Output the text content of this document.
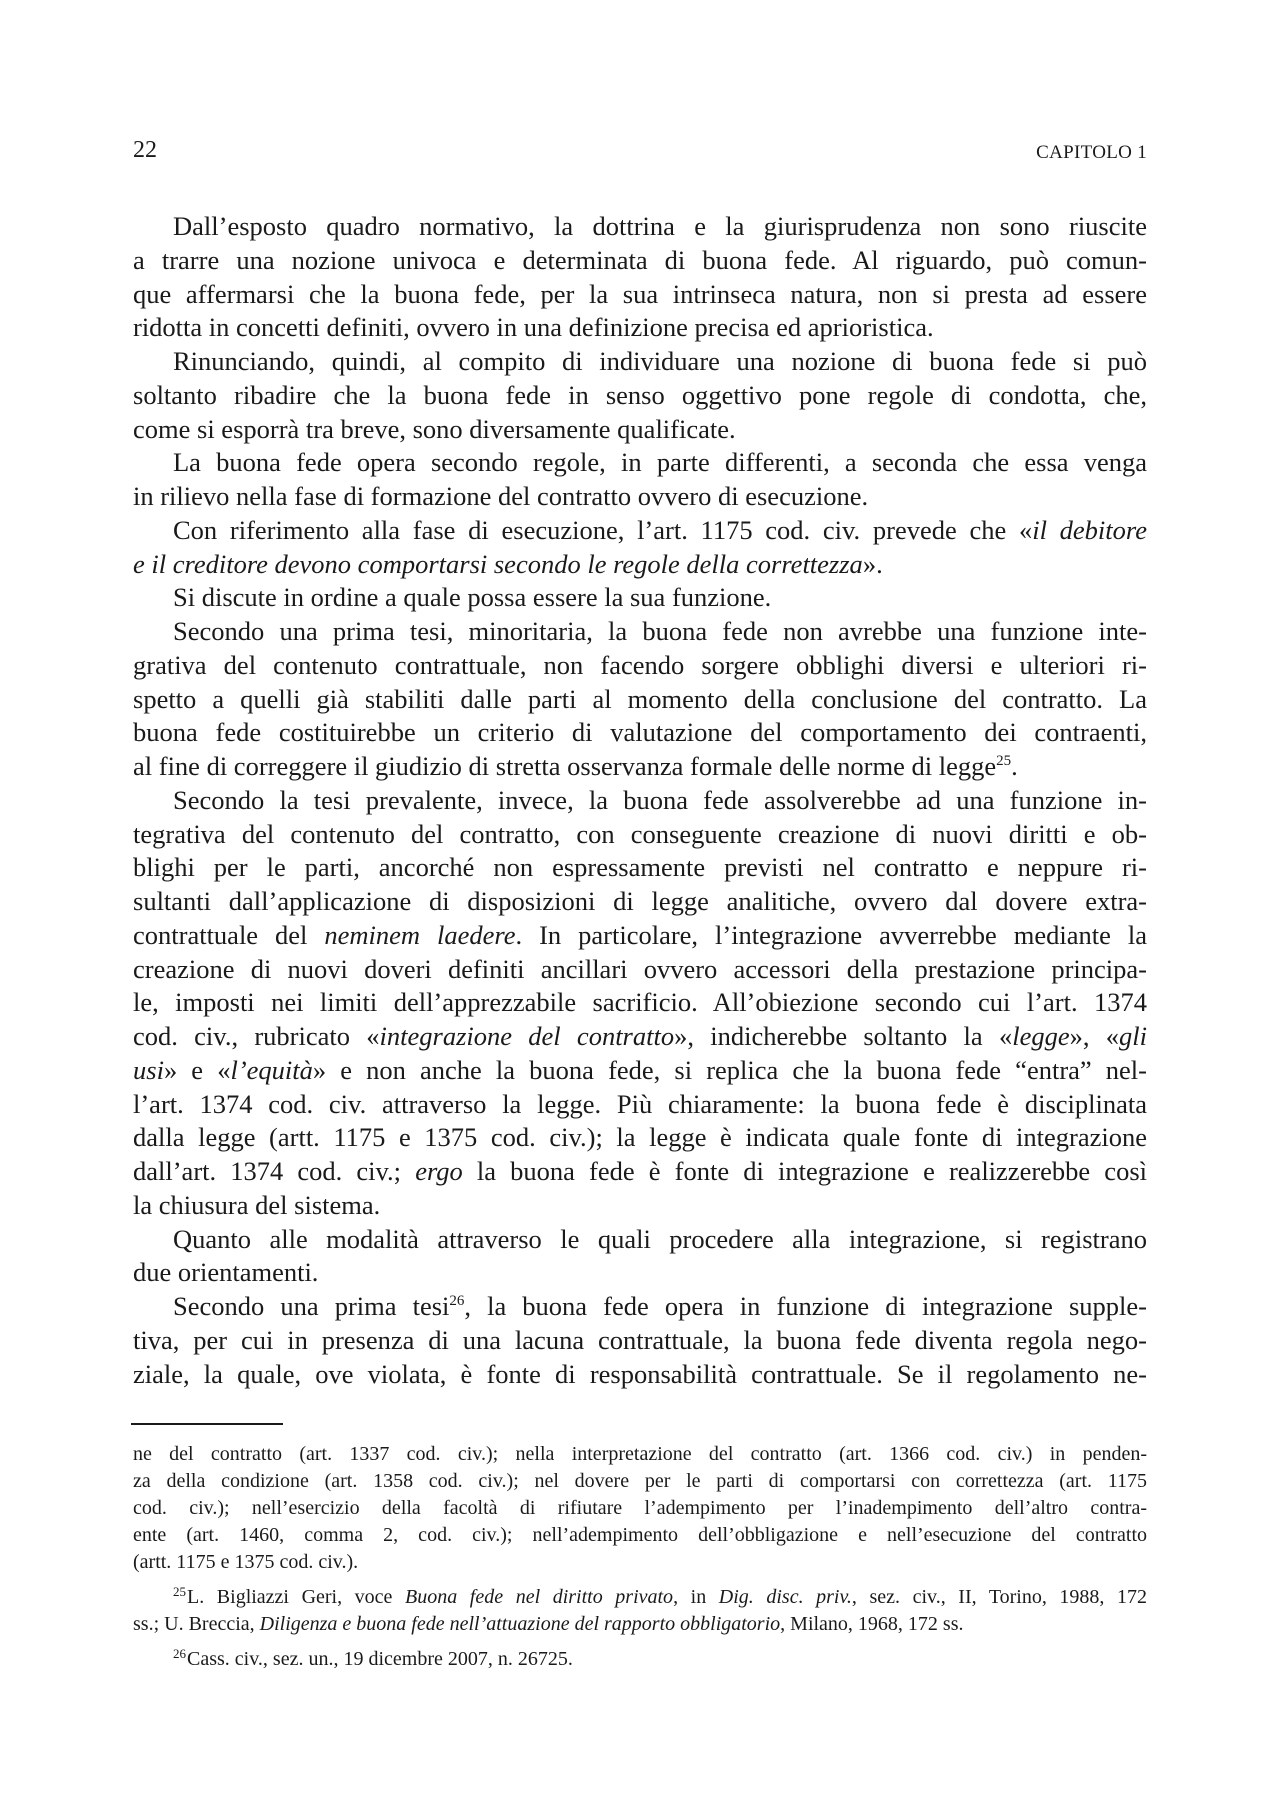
22	CAPITOLO 1
Dall’esposto quadro normativo, la dottrina e la giurisprudenza non sono riuscite
a trarre una nozione univoca e determinata di buona fede. Al riguardo, può comun-
que affermarsi che la buona fede, per la sua intrinseca natura, non si presta ad essere
ridotta in concetti definiti, ovvero in una definizione precisa ed aprioristica.
Rinunciando, quindi, al compito di individuare una nozione di buona fede si può
soltanto ribadire che la buona fede in senso oggettivo pone regole di condotta, che,
come si esporrà tra breve, sono diversamente qualificate.
La buona fede opera secondo regole, in parte differenti, a seconda che essa venga
in rilievo nella fase di formazione del contratto ovvero di esecuzione.
Con riferimento alla fase di esecuzione, l’art. 1175 cod. civ. prevede che «il debitore
e il creditore devono comportarsi secondo le regole della correttezza».
Si discute in ordine a quale possa essere la sua funzione.
Secondo una prima tesi, minoritaria, la buona fede non avrebbe una funzione inte-
grativa del contenuto contrattuale, non facendo sorgere obblighi diversi e ulteriori ri-
spetto a quelli già stabiliti dalle parti al momento della conclusione del contratto. La
buona fede costituirebbe un criterio di valutazione del comportamento dei contraenti,
al fine di correggere il giudizio di stretta osservanza formale delle norme di legge$^{25}$.
Secondo la tesi prevalente, invece, la buona fede assolverebbe ad una funzione in-
tegrativa del contenuto del contratto, con conseguente creazione di nuovi diritti e ob-
blighi per le parti, ancorché non espressamente previsti nel contratto e neppure ri-
sultanti dall’applicazione di disposizioni di legge analitiche, ovvero dal dovere extra-
contrattuale del neminem laedere. In particolare, l’integrazione avverrebbe mediante la
creazione di nuovi doveri definiti ancillari ovvero accessori della prestazione principa-
le, imposti nei limiti dell’apprezzabile sacrificio. All’obiezione secondo cui l’art. 1374
cod. civ., rubricato «integrazione del contratto», indicherebbe soltanto la «legge», «gli
usi» e «l’equità» e non anche la buona fede, si replica che la buona fede “entra” nel-
l’art. 1374 cod. civ. attraverso la legge. Più chiaramente: la buona fede è disciplinata
dalla legge (artt. 1175 e 1375 cod. civ.); la legge è indicata quale fonte di integrazione
dall’art. 1374 cod. civ.; ergo la buona fede è fonte di integrazione e realizzerebbe così
la chiusura del sistema.
Quanto alle modalità attraverso le quali procedere alla integrazione, si registrano
due orientamenti.
Secondo una prima tesi$^{26}$, la buona fede opera in funzione di integrazione supple-
tiva, per cui in presenza di una lacuna contrattuale, la buona fede diventa regola nego-
ziale, la quale, ove violata, è fonte di responsabilità contrattuale. Se il regolamento ne-
ne del contratto (art. 1337 cod. civ.); nella interpretazione del contratto (art. 1366 cod. civ.) in penden-
za della condizione (art. 1358 cod. civ.); nel dovere per le parti di comportarsi con correttezza (art. 1175
cod. civ.); nell’esercizio della facoltà di rifiutare l’adempimento per l’inadempimento dell’altro contra-
ente (art. 1460, comma 2, cod. civ.); nell’adempimento dell’obbligazione e nell’esecuzione del contratto
(artt. 1175 e 1375 cod. civ.).
$^{25}$L. Bigliazzi Geri, voce Buona fede nel diritto privato, in Dig. disc. priv., sez. civ., II, Torino, 1988, 172
ss.; U. Breccia, Diligenza e buona fede nell’attuazione del rapporto obbligatorio, Milano, 1968, 172 ss.
$^{26}$Cass. civ., sez. un., 19 dicembre 2007, n. 26725.
